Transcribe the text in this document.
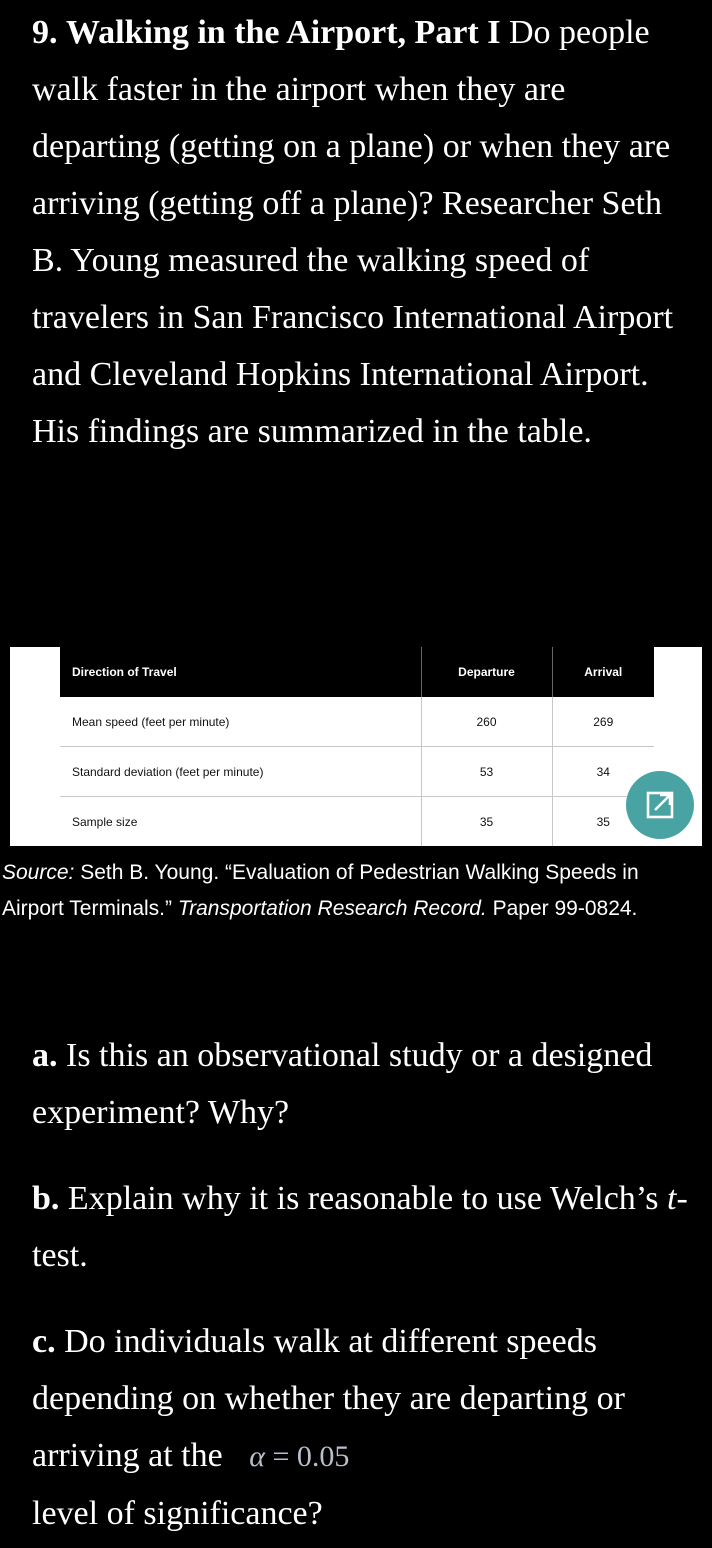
9. Walking in the Airport, Part I Do people walk faster in the airport when they are departing (getting on a plane) or when they are arriving (getting off a plane)? Researcher Seth B. Young measured the walking speed of travelers in San Francisco International Airport and Cleveland Hopkins International Airport. His findings are summarized in the table.

Direction of Travel	Departure	Arrival
Mean speed (feet per minute)	260	269
Standard deviation (feet per minute)	53	34
Sample size	35	35

Source: Seth B. Young. “Evaluation of Pedestrian Walking Speeds in Airport Terminals.” Transportation Research Record. Paper 99-0824.

a. Is this an observational study or a designed experiment? Why?

b. Explain why it is reasonable to use Welch’s t-test.

c. Do individuals walk at different speeds depending on whether they are departing or arriving at the α = 0.05
level of significance?
